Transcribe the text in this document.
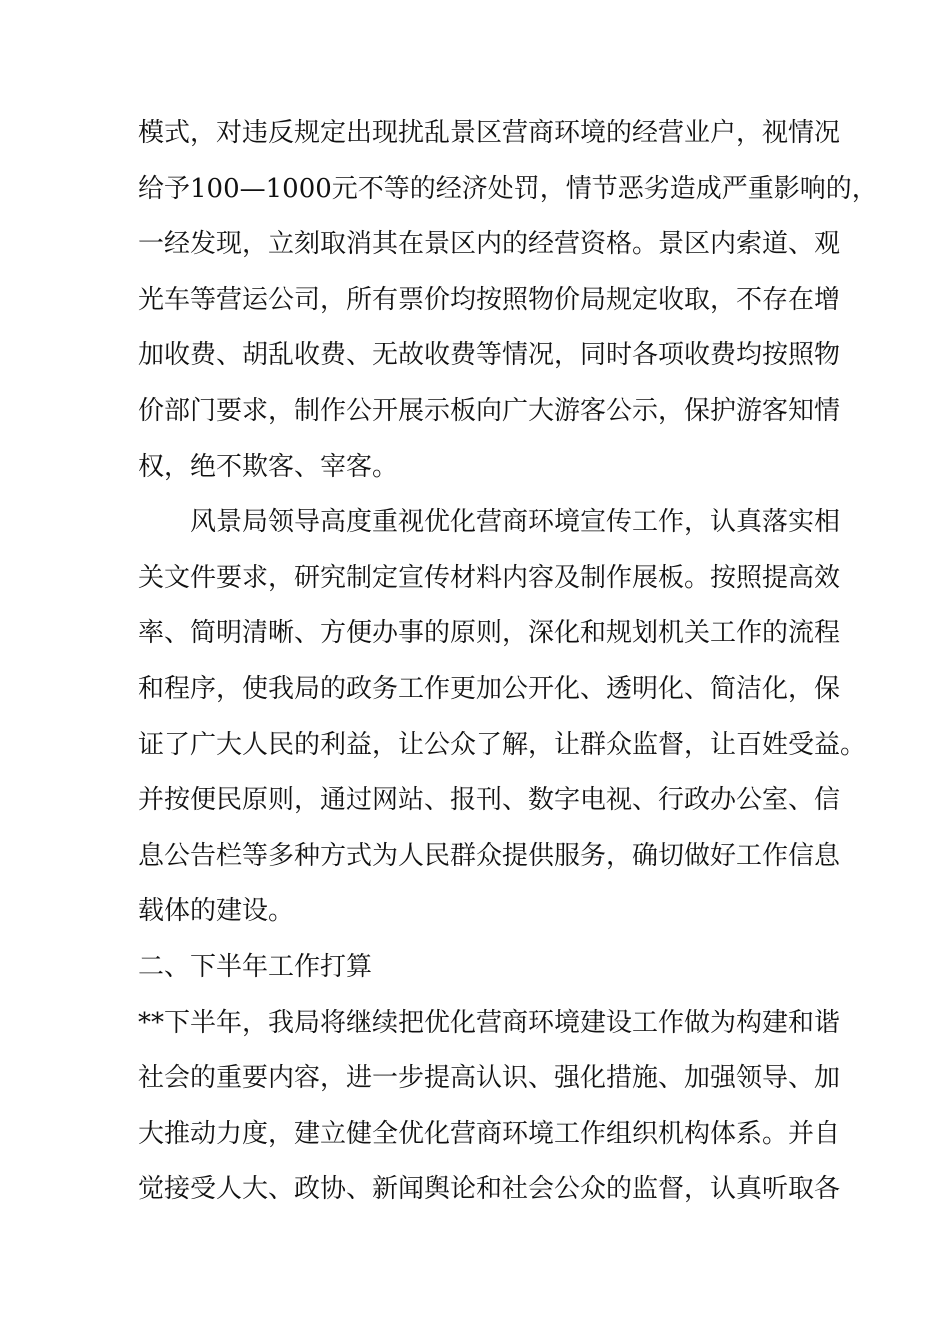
模式，对违反规定出现扰乱景区营商环境的经营业户，视情况
给予100—1000元不等的经济处罚，情节恶劣造成严重影响的，
一经发现，立刻取消其在景区内的经营资格。景区内索道、观
光车等营运公司，所有票价均按照物价局规定收取，不存在增
加收费、胡乱收费、无故收费等情况，同时各项收费均按照物
价部门要求，制作公开展示板向广大游客公示，保护游客知情
权，绝不欺客、宰客。
风景局领导高度重视优化营商环境宣传工作，认真落实相
关文件要求，研究制定宣传材料内容及制作展板。按照提高效
率、简明清晰、方便办事的原则，深化和规划机关工作的流程
和程序，使我局的政务工作更加公开化、透明化、简洁化，保
证了广大人民的利益，让公众了解，让群众监督，让百姓受益。
并按便民原则，通过网站、报刊、数字电视、行政办公室、信
息公告栏等多种方式为人民群众提供服务，确切做好工作信息
载体的建设。
二、下半年工作打算
**下半年，我局将继续把优化营商环境建设工作做为构建和谐
社会的重要内容，进一步提高认识、强化措施、加强领导、加
大推动力度，建立健全优化营商环境工作组织机构体系。并自
觉接受人大、政协、新闻舆论和社会公众的监督，认真听取各
